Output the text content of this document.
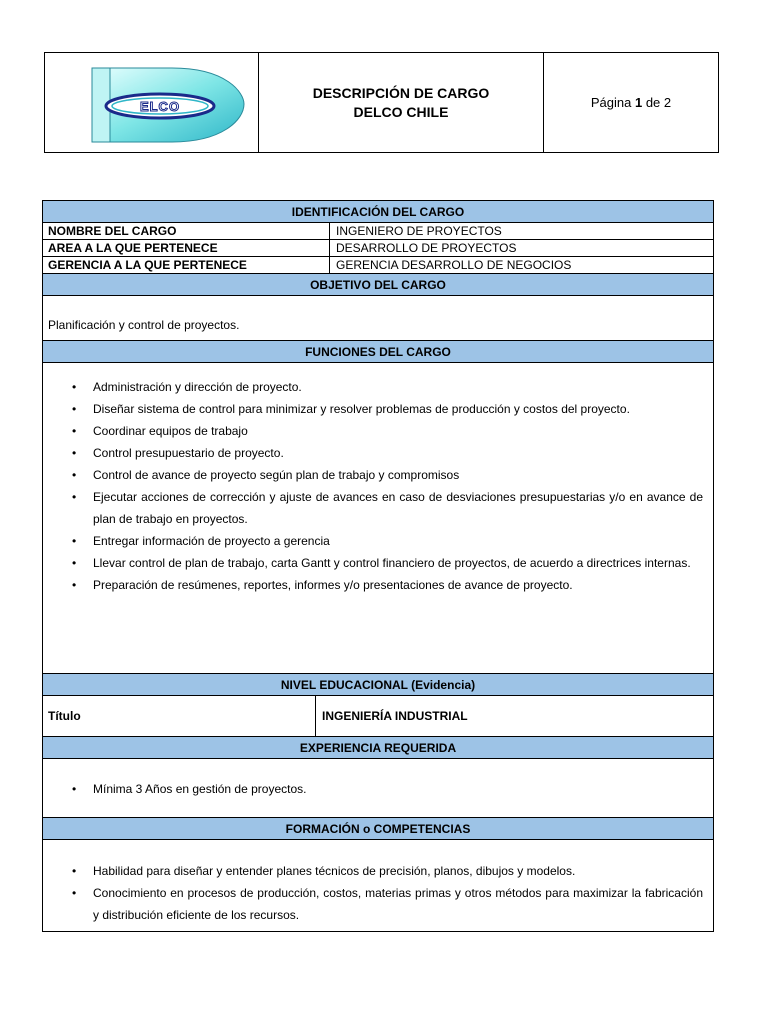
ELCO
DESCRIPCIÓN DE CARGO
DELCO CHILE
Página
1
de
2
IDENTIFICACIÓN DEL CARGO
NOMBRE DEL CARGO	INGENIERO DE PROYECTOS
AREA A LA QUE PERTENECE	DESARROLLO DE PROYECTOS
GERENCIA A LA QUE PERTENECE	GERENCIA DESARROLLO DE NEGOCIOS
OBJETIVO DEL CARGO
Planificación y control de proyectos.
FUNCIONES DEL CARGO
• Administración y dirección de proyecto.
• Diseñar sistema de control para minimizar y resolver problemas de producción y costos del proyecto.
• Coordinar equipos de trabajo
• Control presupuestario de proyecto.
• Control de avance de proyecto según plan de trabajo y compromisos
• Ejecutar acciones de corrección y ajuste de avances en caso de desviaciones presupuestarias y/o en avance de plan de trabajo en proyectos.
• Entregar información de proyecto a gerencia
• Llevar control de plan de trabajo, carta Gantt y control financiero de proyectos, de acuerdo a directrices internas.
• Preparación de resúmenes, reportes, informes y/o presentaciones de avance de proyecto.
NIVEL EDUCACIONAL (Evidencia)
Título	INGENIERÍA INDUSTRIAL
EXPERIENCIA REQUERIDA
• Mínima 3 Años en gestión de proyectos.
FORMACIÓN o COMPETENCIAS
• Habilidad para diseñar y entender planes técnicos de precisión, planos, dibujos y modelos.
• Conocimiento en procesos de producción, costos, materias primas y otros métodos para maximizar la fabricación y distribución eficiente de los recursos.
